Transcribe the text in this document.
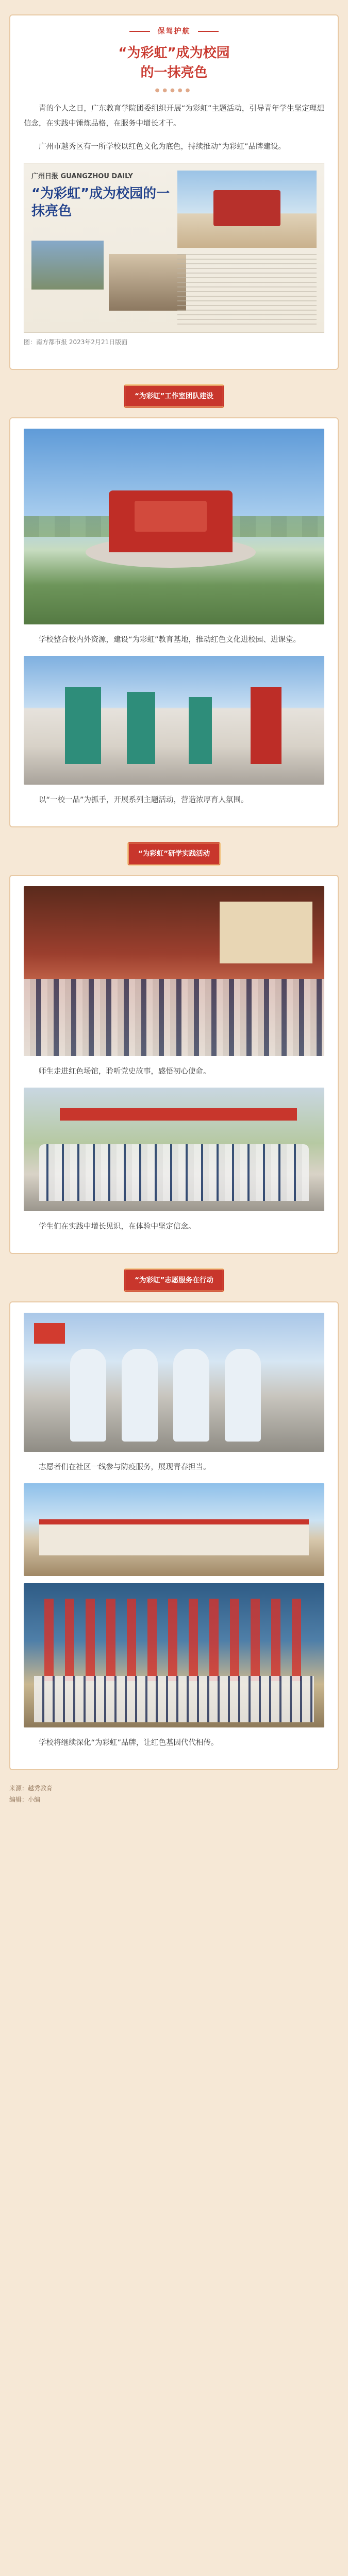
保驾护航
“为彩虹”成为校园
的一抹亮色
●●●●●

青的个人之日，广东教育学院团委组织开展“为彩虹”主题活动，引导青年学生坚定理想信念，在实践中锤炼品格，在服务中增长才干。

广州市越秀区有一所学校以红色文化为底色，持续推动“为彩虹”品牌建设。

广州日报 GUANGZHOU DAILY
“为彩虹”成为校园的一抹亮色
图：南方都市报 2023年2月21日版面
“为彩虹”工作室团队建设

学校整合校内外资源，建设“为彩虹”教育基地，推动红色文化进校园、进课堂。

以“一校一品”为抓手，开展系列主题活动，营造浓厚育人氛围。

“为彩虹”研学实践活动

师生走进红色场馆，聆听党史故事，感悟初心使命。

学生们在实践中增长见识，在体验中坚定信念。

“为彩虹”志愿服务在行动

志愿者们在社区一线参与防疫服务，展现青春担当。

学校将继续深化“为彩虹”品牌，让红色基因代代相传。

来源：越秀教育
编辑：小编
